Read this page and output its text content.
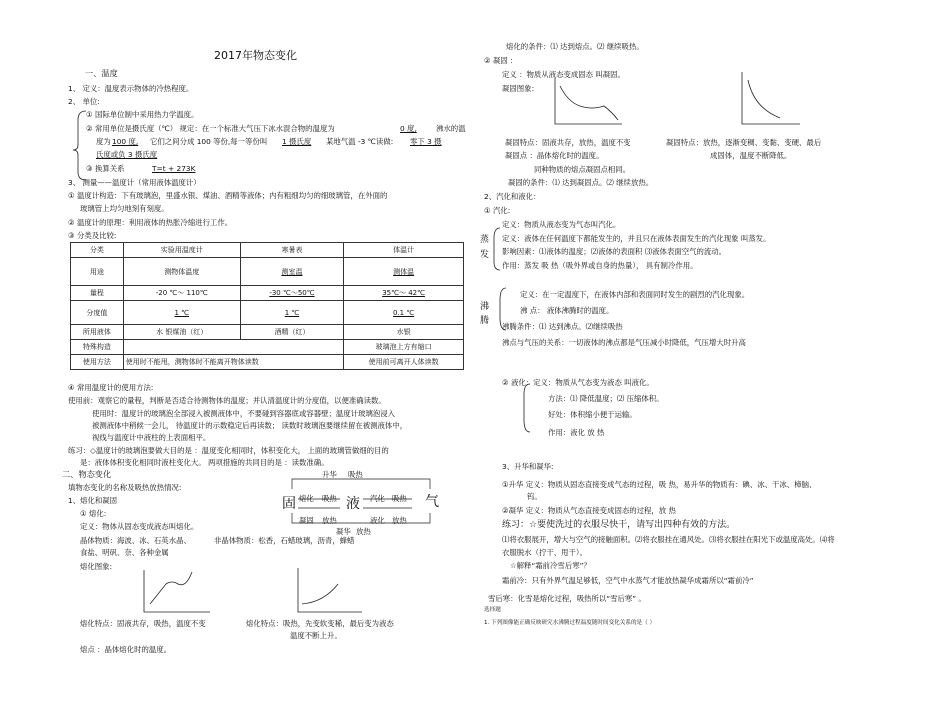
2017年物态变化
一、温度
1、 定义：温度表示物体的冷热程度。
2、 单位:
① 国际单位制中采用热力学温度。
② 常用单位是摄氏度（℃） 规定：在一个标准大气压下冰水混合物的温度为	0 度,	沸水的温
度为 100 度, 它们之间分成 100 等份,每一等份叫 1 摄氏度 某地气温 -3 ℃读做: 零下 3 摄
氏度或负 3 摄氏度
③ 换算关系	T=t + 273K
3、 测量——温度计（常用液体温度计）
① 温度计构造：下有玻璃泡，里盛水银、煤油、酒精等液体；内有粗细均匀的细玻璃管，在外面的
玻璃管上均匀地刻有刻度。
② 温度计的原理：利用液体的热胀冷缩进行工作。
③ 分类及比较:
分类	实验用温度计	寒暑表	体温计
用途	测物体温度	测室温	测体温
量程	-20 ℃～ 110℃	-30 ℃～50℃	35℃～ 42℃
分度值	1 ℃	1 ℃	0.1 ℃
所用液体	水 银煤油（红）	酒精（红）	水银
特殊构造			玻璃泡上方有缩口
使用方法	使用时不能甩，测物体时不能离开物体读数		使用前可离开人体读数
④ 常用温度计的使用方法:
使用前：观察它的量程，判断是否适合待测物体的温度；并认清温度计的分度值，以便准确读数。
使用时：温度计的玻璃泡全部浸入被测液体中，不要碰到容器底或容器壁；温度计玻璃泡浸入
被测液体中稍候一会儿， 待温度计的示数稳定后再读数； 读数时玻璃泡要继续留在被测液体中，
视线与温度计中液柱的上表面相平。
练习：◇温度计的玻璃泡要做大目的是 ：温度变化相同时，体积变化大， 上面的玻璃管做细的目的
是：液体体积变化相同时液柱变化大。 两项措施的共同目的是 ：读数准确。
二、物态变化
填物态变化的名称及吸热放热情况:
1、熔化和凝固	固	液	气
升华 吸热
熔化 吸热	汽化 吸热
凝固 放热	液化 放热
凝华 放热
① 熔化:
定义：物体从固态变成液态叫熔化。
晶体物质：海波、冰、石英水晶、	非晶体物质：松香，石蜡玻璃，沥青，蜂蜡
食盐、明矾、奈、各种金属
熔化图象:
熔化特点：固液共存，吸热，温度不变	熔化特点：吸热，先变软变稀，最后变为液态
温度不断上升。
熔点 ：晶体熔化时的温度。
熔化的条件：⑴ 达到熔点。⑵ 继续吸热。
② 凝固 :
定义 ：物质从液态变成固态 叫凝固。
凝固图象:
凝固特点：固液共存，放热，温度不变	凝固特点：放热，逐渐变稠、变黏、变硬、最后
凝固点 ：晶体熔化时的温度。	成固体，温度不断降低。
同种物质的熔点凝固点相同。
凝固的条件：⑴ 达到凝固点。⑵ 继续放热。
2、汽化和液化：
① 汽化:
蒸
发
定义：物质从液态变为气态叫汽化。
定义：液体在任何温度下都能发生的，并且只在液体表面发生的汽化现象 叫蒸发。
影响因素：⑴液体的温度；⑵液体的表面积 ⑶液体表面空气的流动。
作用：蒸发 吸 热（吸外界或自身的热量）， 具有制冷作用。
沸
腾
定义：在一定温度下，在液体内部和表面同时发生的剧烈的汽化现象。
沸 点： 液体沸腾时的温度。
沸腾条件：⑴ 达到沸点。⑵继续吸热
沸点与气压的关系：一切液体的沸点都是气压减小时降低，气压增大时升高
② 液化：定义：物质从气态变为液态 叫液化。
方法：⑴ 降低温度；⑵ 压缩体积。
好处：体积缩小便于运输。
作用：液化 放 热
3、升华和凝华:
①升华 定义：物质从固态直接变成气态的过程，吸 热，易升华的物质有：碘、冰、干冰、樟脑、
钨。
②凝华 定义：物质从气态直接变成固态的过程，放 热
练习：☆要使洗过的衣服尽快干，请写出四种有效的方法。
⑴将衣服展开，增大与空气的接触面积。⑵将衣服挂在通风处。⑶将衣服挂在阳光下或温度高处。⑷将
衣服脱水（拧干、甩干）。
☆解释“霜前冷雪后寒”？
霜前冷：只有外界气温足够低，空气中水蒸气才能放热凝华成霜所以“霜前冷”
雪后寒：化雪是熔化过程，吸热所以“雪后寒” 。
选择题
1. 下列图像能正确反映研究水沸腾过程温度随时间变化关系的是（ ）
